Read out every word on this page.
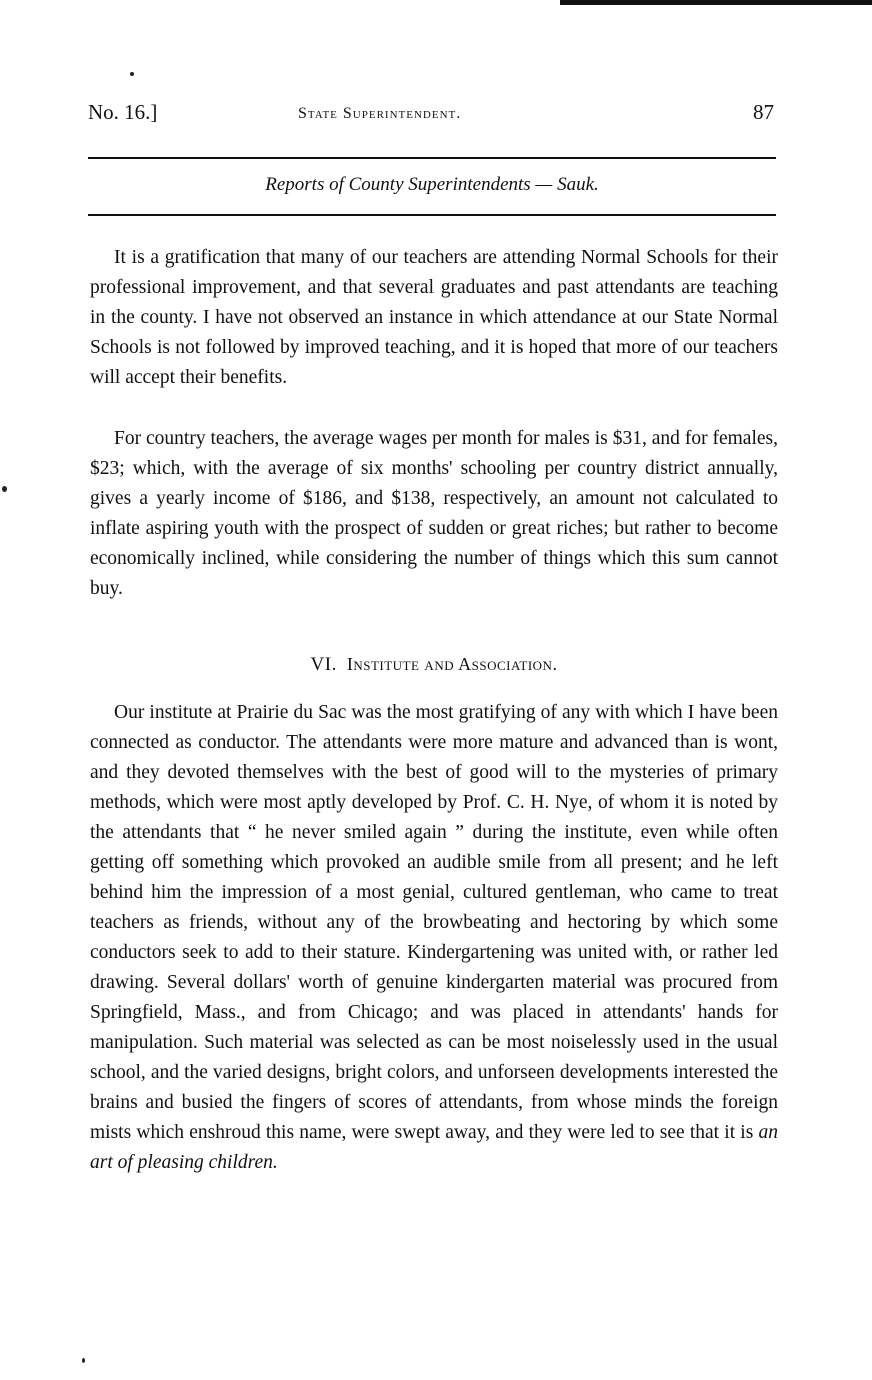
No. 16.]	State Superintendent.	87
Reports of County Superintendents — Sauk.

It is a gratification that many of our teachers are attending Normal Schools for their professional improvement, and that several graduates and past attendants are teaching in the county. I have not observed an instance in which attendance at our State Normal Schools is not followed by improved teaching, and it is hoped that more of our teachers will accept their benefits.

For country teachers, the average wages per month for males is $31, and for females, $23; which, with the average of six months' schooling per country district annually, gives a yearly income of $186, and $138, respectively, an amount not calculated to inflate aspiring youth with the prospect of sudden or great riches; but rather to become economically inclined, while considering the number of things which this sum cannot buy.

VI. Institute and Association.

Our institute at Prairie du Sac was the most gratifying of any with which I have been connected as conductor. The attendants were more mature and advanced than is wont, and they devoted themselves with the best of good will to the mysteries of primary methods, which were most aptly developed by Prof. C. H. Nye, of whom it is noted by the attendants that “ he never smiled again ” during the institute, even while often getting off something which provoked an audible smile from all present; and he left behind him the impression of a most genial, cultured gentleman, who came to treat teachers as friends, without any of the browbeating and hectoring by which some conductors seek to add to their stature. Kindergartening was united with, or rather led drawing. Several dollars' worth of genuine kindergarten material was procured from Springfield, Mass., and from Chicago; and was placed in attendants' hands for manipulation. Such material was selected as can be most noiselessly used in the usual school, and the varied designs, bright colors, and unforseen developments interested the brains and busied the fingers of scores of attendants, from whose minds the foreign mists which enshroud this name, were swept away, and they were led to see that it is an art of pleasing children.
